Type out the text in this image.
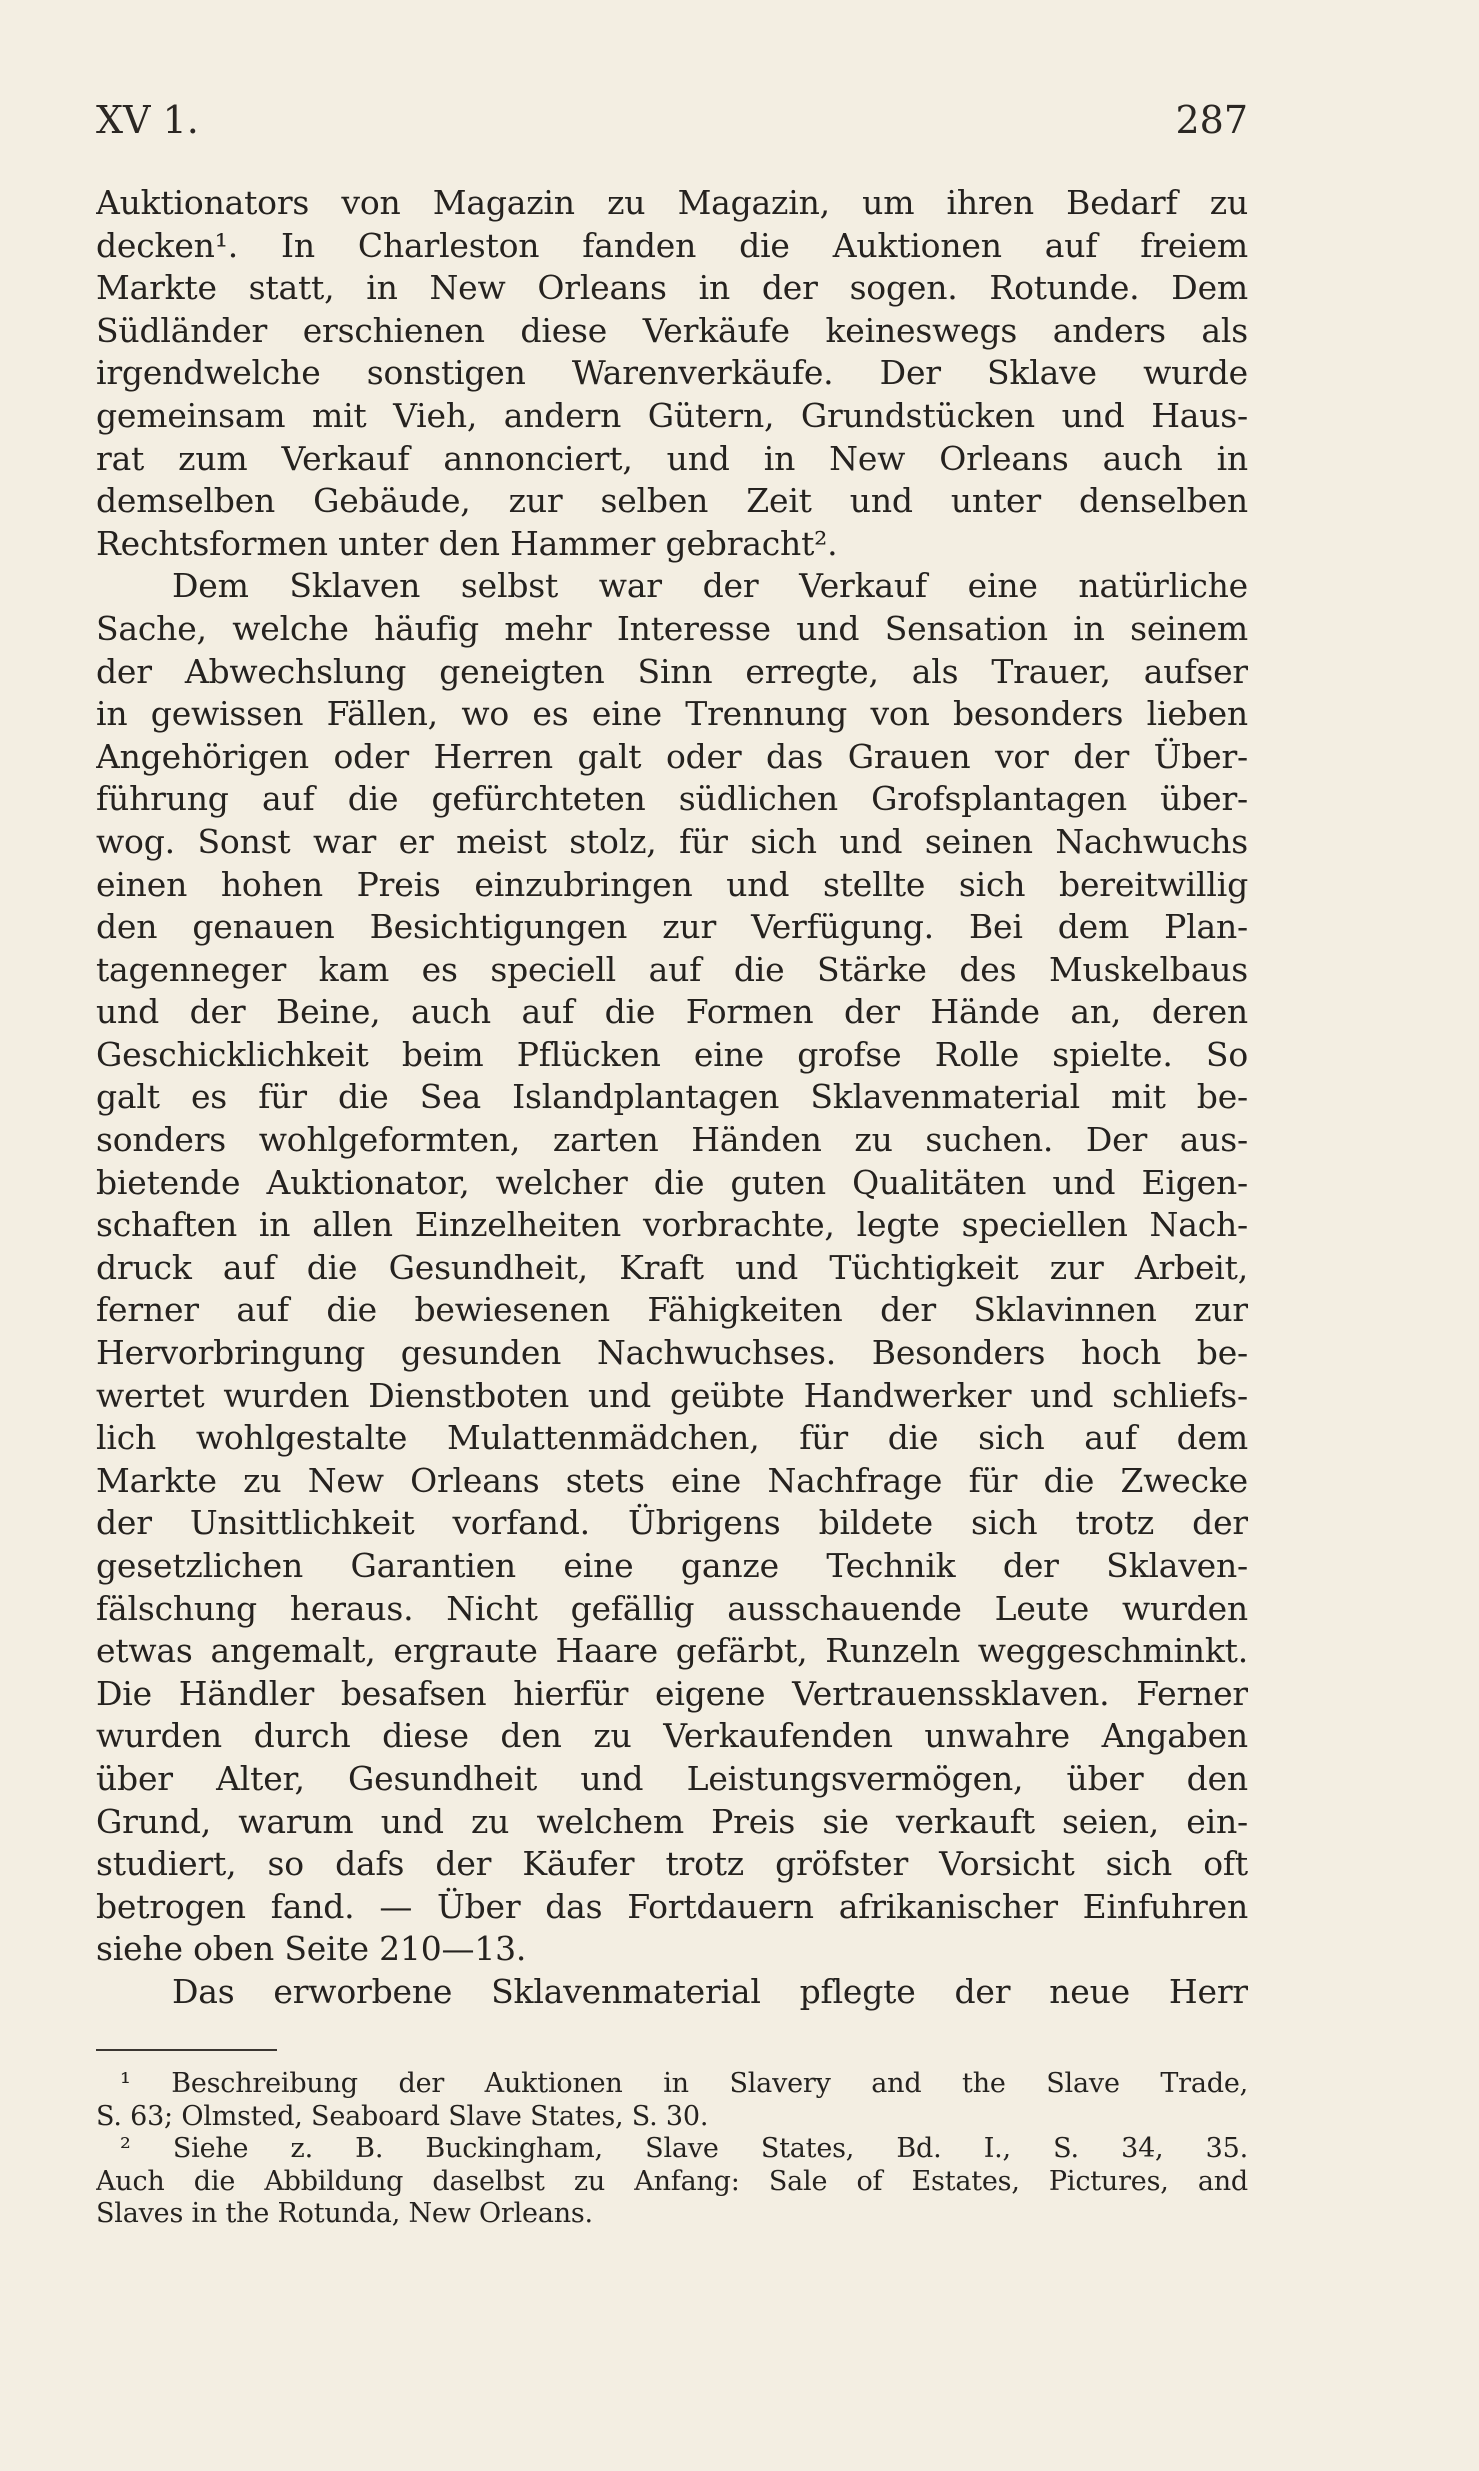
XV 1.	287
Auktionators von Magazin zu Magazin, um ihren Bedarf zu
decken¹. In Charleston fanden die Auktionen auf freiem
Markte statt, in New Orleans in der sogen. Rotunde. Dem
Südländer erschienen diese Verkäufe keineswegs anders als
irgendwelche sonstigen Warenverkäufe. Der Sklave wurde
gemeinsam mit Vieh, andern Gütern, Grundstücken und Haus-
rat zum Verkauf annonciert, und in New Orleans auch in
demselben Gebäude, zur selben Zeit und unter denselben
Rechtsformen unter den Hammer gebracht².
Dem Sklaven selbst war der Verkauf eine natürliche
Sache, welche häufig mehr Interesse und Sensation in seinem
der Abwechslung geneigten Sinn erregte, als Trauer, aufser
in gewissen Fällen, wo es eine Trennung von besonders lieben
Angehörigen oder Herren galt oder das Grauen vor der Über-
führung auf die gefürchteten südlichen Grofsplantagen über-
wog. Sonst war er meist stolz, für sich und seinen Nachwuchs
einen hohen Preis einzubringen und stellte sich bereitwillig
den genauen Besichtigungen zur Verfügung. Bei dem Plan-
tagenneger kam es speciell auf die Stärke des Muskelbaus
und der Beine, auch auf die Formen der Hände an, deren
Geschicklichkeit beim Pflücken eine grofse Rolle spielte. So
galt es für die Sea Islandplantagen Sklavenmaterial mit be-
sonders wohlgeformten, zarten Händen zu suchen. Der aus-
bietende Auktionator, welcher die guten Qualitäten und Eigen-
schaften in allen Einzelheiten vorbrachte, legte speciellen Nach-
druck auf die Gesundheit, Kraft und Tüchtigkeit zur Arbeit,
ferner auf die bewiesenen Fähigkeiten der Sklavinnen zur
Hervorbringung gesunden Nachwuchses. Besonders hoch be-
wertet wurden Dienstboten und geübte Handwerker und schliefs-
lich wohlgestalte Mulattenmädchen, für die sich auf dem
Markte zu New Orleans stets eine Nachfrage für die Zwecke
der Unsittlichkeit vorfand. Übrigens bildete sich trotz der
gesetzlichen Garantien eine ganze Technik der Sklaven-
fälschung heraus. Nicht gefällig ausschauende Leute wurden
etwas angemalt, ergraute Haare gefärbt, Runzeln weggeschminkt.
Die Händler besafsen hierfür eigene Vertrauenssklaven. Ferner
wurden durch diese den zu Verkaufenden unwahre Angaben
über Alter, Gesundheit und Leistungsvermögen, über den
Grund, warum und zu welchem Preis sie verkauft seien, ein-
studiert, so dafs der Käufer trotz gröfster Vorsicht sich oft
betrogen fand. — Über das Fortdauern afrikanischer Einfuhren
siehe oben Seite 210—13.
Das erworbene Sklavenmaterial pflegte der neue Herr
¹ Beschreibung der Auktionen in Slavery and the Slave Trade,
S. 63; Olmsted, Seaboard Slave States, S. 30.
² Siehe z. B. Buckingham, Slave States, Bd. I., S. 34, 35.
Auch die Abbildung daselbst zu Anfang: Sale of Estates, Pictures, and
Slaves in the Rotunda, New Orleans.
